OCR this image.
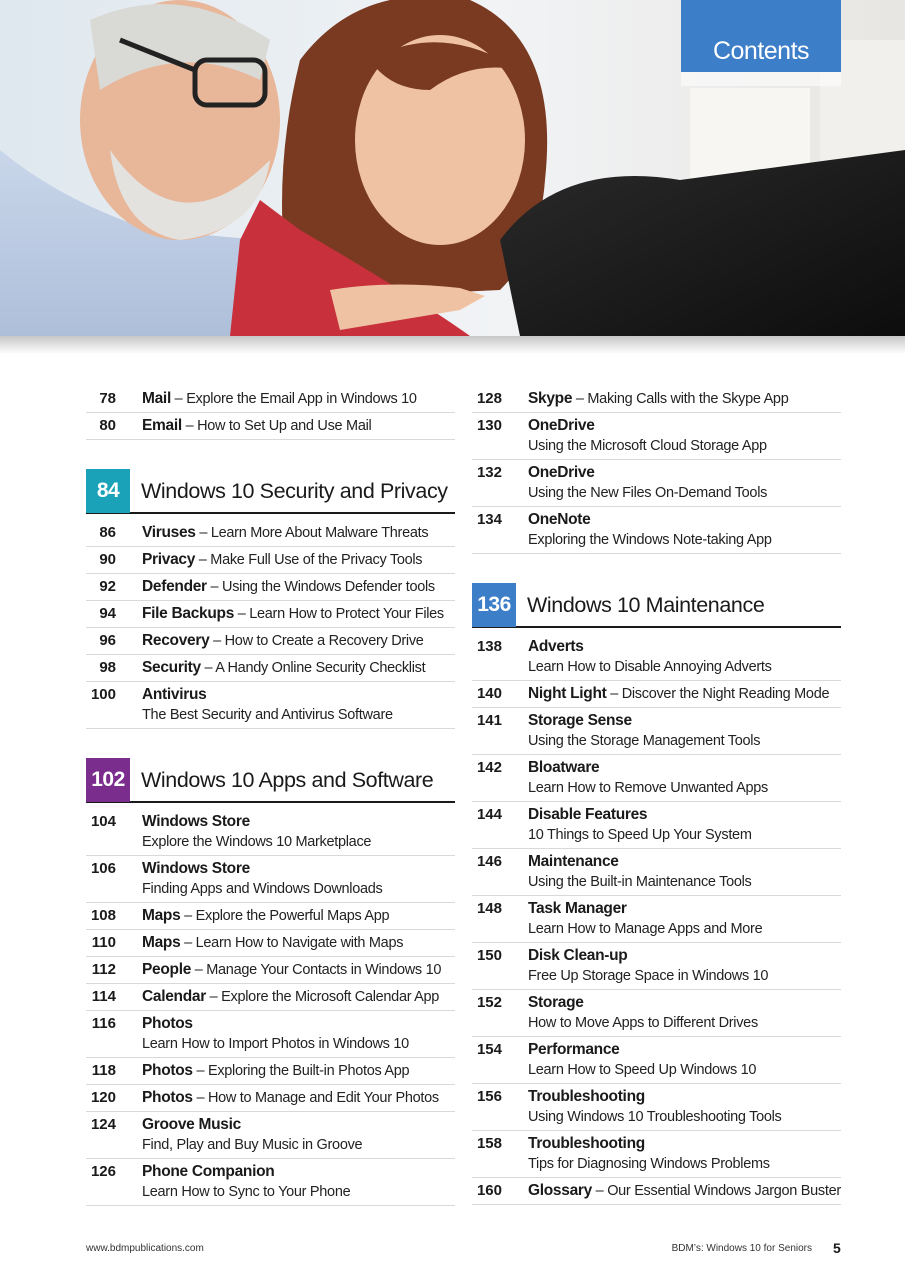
Contents
78	Mail – Explore the Email App in Windows 10
80	Email – How to Set Up and Use Mail
84	Windows 10 Security and Privacy
86	Viruses – Learn More About Malware Threats
90	Privacy – Make Full Use of the Privacy Tools
92	Defender – Using the Windows Defender tools
94	File Backups – Learn How to Protect Your Files
96	Recovery – How to Create a Recovery Drive
98	Security – A Handy Online Security Checklist
100	Antivirus
The Best Security and Antivirus Software
102 Windows 10 Apps and Software
104	Windows Store
Explore the Windows 10 Marketplace
106	Windows Store
Finding Apps and Windows Downloads
108	Maps – Explore the Powerful Maps App
110	Maps – Learn How to Navigate with Maps
112	People – Manage Your Contacts in Windows 10
114	Calendar – Explore the Microsoft Calendar App
116	Photos
Learn How to Import Photos in Windows 10
118	Photos – Exploring the Built-in Photos App
120	Photos – How to Manage and Edit Your Photos
124	Groove Music
Find, Play and Buy Music in Groove
126	Phone Companion
Learn How to Sync to Your Phone
128	Skype – Making Calls with the Skype App
130	OneDrive
Using the Microsoft Cloud Storage App
132	OneDrive
Using the New Files On-Demand Tools
134	OneNote
Exploring the Windows Note-taking App
136 Windows 10 Maintenance
138	Adverts
Learn How to Disable Annoying Adverts
140	Night Light – Discover the Night Reading Mode
141	Storage Sense
Using the Storage Management Tools
142	Bloatware
Learn How to Remove Unwanted Apps
144	Disable Features
10 Things to Speed Up Your System
146	Maintenance
Using the Built-in Maintenance Tools
148	Task Manager
Learn How to Manage Apps and More
150	Disk Clean-up
Free Up Storage Space in Windows 10
152	Storage
How to Move Apps to Different Drives
154	Performance
Learn How to Speed Up Windows 10
156	Troubleshooting
Using Windows 10 Troubleshooting Tools
158	Troubleshooting
Tips for Diagnosing Windows Problems
160	Glossary – Our Essential Windows Jargon Buster
www.bdmpublications.com	BDM’s: Windows 10 for Seniors 5
